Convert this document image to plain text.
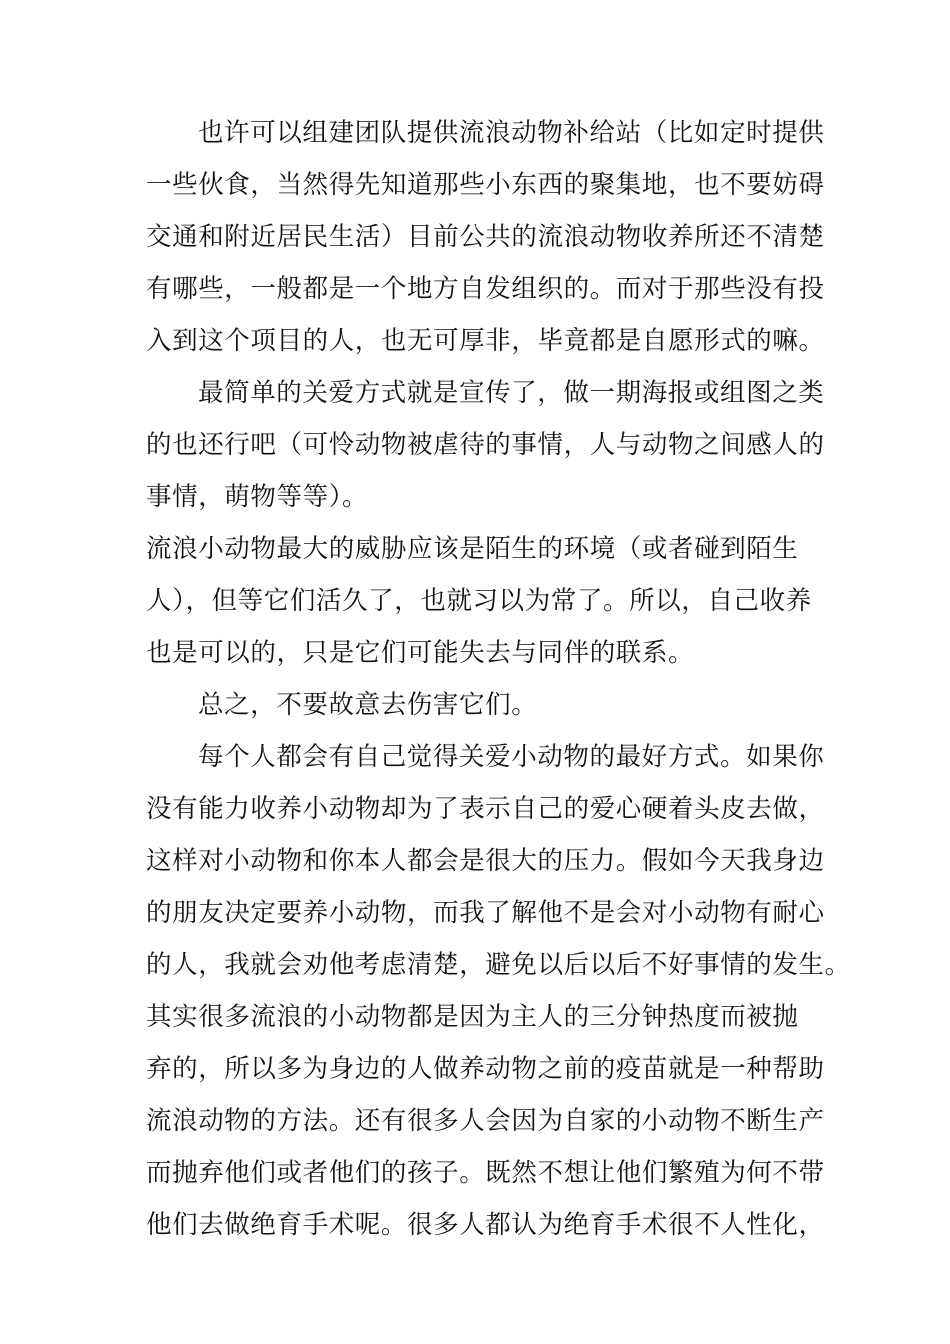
也许可以组建团队提供流浪动物补给站（比如定时提供
一些伙食，当然得先知道那些小东西的聚集地，也不要妨碍
交通和附近居民生活）目前公共的流浪动物收养所还不清楚
有哪些，一般都是一个地方自发组织的。而对于那些没有投
入到这个项目的人，也无可厚非，毕竟都是自愿形式的嘛。
最简单的关爱方式就是宣传了，做一期海报或组图之类
的也还行吧（可怜动物被虐待的事情，人与动物之间感人的
事情，萌物等等）。
流浪小动物最大的威胁应该是陌生的环境（或者碰到陌生
人），但等它们活久了，也就习以为常了。所以，自己收养
也是可以的，只是它们可能失去与同伴的联系。
总之，不要故意去伤害它们。
每个人都会有自己觉得关爱小动物的最好方式。如果你
没有能力收养小动物却为了表示自己的爱心硬着头皮去做，
这样对小动物和你本人都会是很大的压力。假如今天我身边
的朋友决定要养小动物，而我了解他不是会对小动物有耐心
的人，我就会劝他考虑清楚，避免以后以后不好事情的发生。
其实很多流浪的小动物都是因为主人的三分钟热度而被抛
弃的，所以多为身边的人做养动物之前的疫苗就是一种帮助
流浪动物的方法。还有很多人会因为自家的小动物不断生产
而抛弃他们或者他们的孩子。既然不想让他们繁殖为何不带
他们去做绝育手术呢。很多人都认为绝育手术很不人性化，
